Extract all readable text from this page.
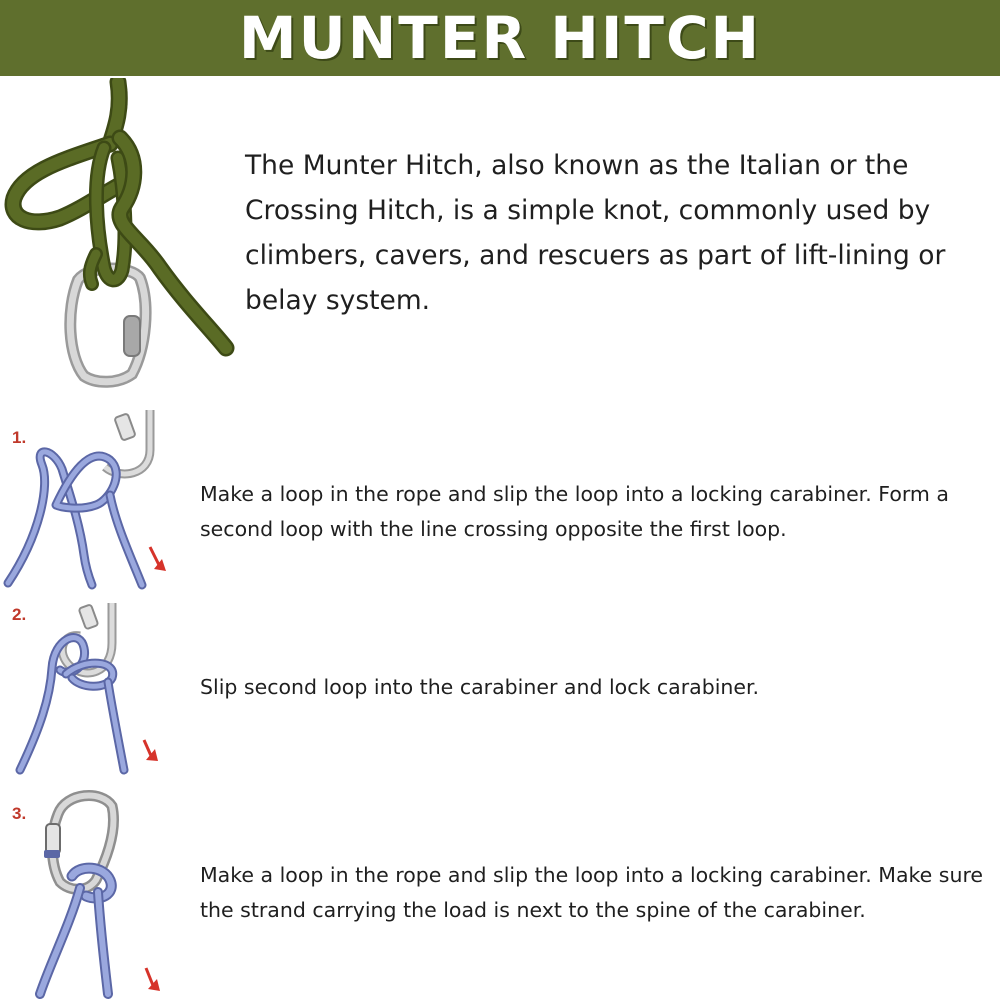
MUNTER HITCH

The Munter Hitch, also known as the Italian or the Crossing Hitch, is a simple knot, commonly used by climbers, cavers, and rescuers as part of lift-lining or belay system.

1.

Make a loop in the rope and slip the loop into a locking carabiner. Form a second loop with the line crossing opposite the first loop.

2.

Slip second loop into the carabiner and lock carabiner.

3.

Make a loop in the rope and slip the loop into a locking carabiner. Make sure the strand carrying the load is next to the spine of the carabiner.
